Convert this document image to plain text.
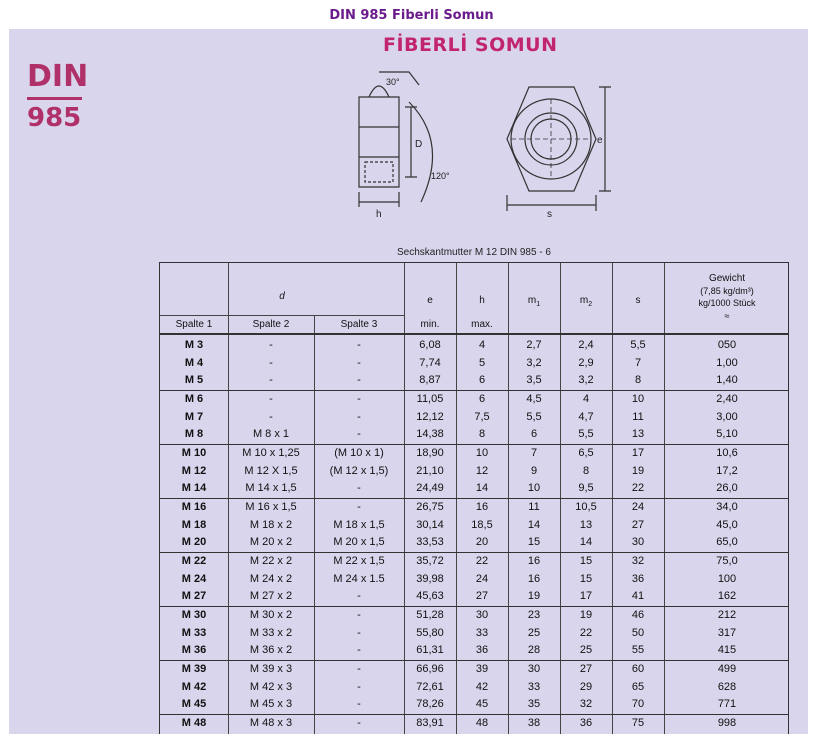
DIN 985 Fiberli Somun
FİBERLİ SOMUN
DIN
985
30°
120°
D
h
e
s
Sechskantmutter M 12 DIN 985 - 6
d
Spalte 1	Spalte 2	Spalte 3
e
min.
h
max.
$m_1$	$m_2$	s
Gewicht
(7,85 kg/dm³)
kg/1000 Stück
≈
M 3	-	-	6,08	4	2,7	2,4	5,5	050
M 4	-	-	7,74	5	3,2	2,9	7	1,00
M 5	-	-	8,87	6	3,5	3,2	8	1,40
M 6	-	-	11,05	6	4,5	4	10	2,40
M 7	-	-	12,12	7,5	5,5	4,7	11	3,00
M 8	M 8 x 1	-	14,38	8	6	5,5	13	5,10
M 10	M 10 x 1,25	(M 10 x 1)	18,90	10	7	6,5	17	10,6
M 12	M 12 X 1,5	(M 12 x 1,5)	21,10	12	9	8	19	17,2
M 14	M 14 x 1,5	-	24,49	14	10	9,5	22	26,0
M 16	M 16 x 1,5	-	26,75	16	11	10,5	24	34,0
M 18	M 18 x 2	M 18 x 1,5	30,14	18,5	14	13	27	45,0
M 20	M 20 x 2	M 20 x 1,5	33,53	20	15	14	30	65,0
M 22	M 22 x 2	M 22 x 1,5	35,72	22	16	15	32	75,0
M 24	M 24 x 2	M 24 x 1.5	39,98	24	16	15	36	100
M 27	M 27 x 2	-	45,63	27	19	17	41	162
M 30	M 30 x 2	-	51,28	30	23	19	46	212
M 33	M 33 x 2	-	55,80	33	25	22	50	317
M 36	M 36 x 2	-	61,31	36	28	25	55	415
M 39	M 39 x 3	-	66,96	39	30	27	60	499
M 42	M 42 x 3	-	72,61	42	33	29	65	628
M 45	M 45 x 3	-	78,26	45	35	32	70	771
M 48	M 48 x 3	-	83,91	48	38	36	75	998
